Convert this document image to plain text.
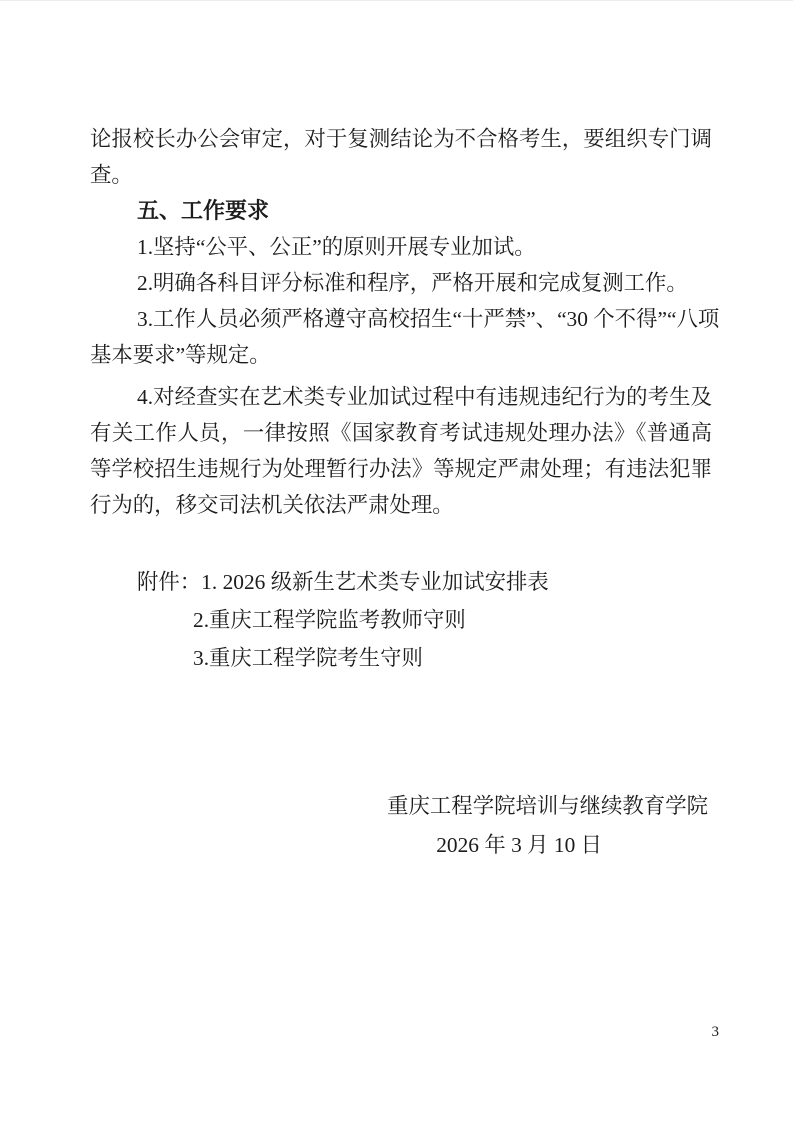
论报校长办公会审定，对于复测结论为不合格考生，要组织专门调
查。
五、工作要求
1.坚持“公平、公正”的原则开展专业加试。
2.明确各科目评分标准和程序，严格开展和完成复测工作。
3.工作人员必须严格遵守高校招生“十严禁”、“30 个不得”“八项
基本要求”等规定。
4.对经查实在艺术类专业加试过程中有违规违纪行为的考生及
有关工作人员，一律按照《国家教育考试违规处理办法》《普通高
等学校招生违规行为处理暂行办法》等规定严肃处理；有违法犯罪
行为的，移交司法机关依法严肃处理。
附件：1. 2026 级新生艺术类专业加试安排表
2.重庆工程学院监考教师守则
3.重庆工程学院考生守则
重庆工程学院培训与继续教育学院
2026 年 3 月 10 日
3
